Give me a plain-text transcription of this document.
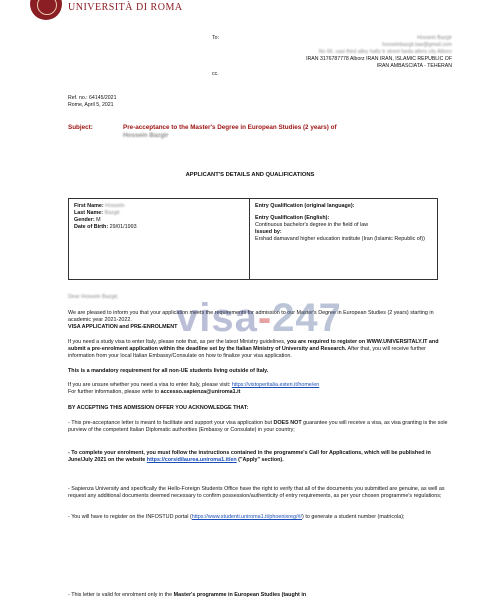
UNIVERSITÀ DI ROMA
To:
cc.
Hossein Bazgir
hosseinbazgir.law@gmail.com
No 66. vasi third alley hafiz tr street farda allers city Alborz
IRAN 3176787778 Alborz IRAN IRAN, ISLAMIC REPUBLIC OF
IRAN AMBASCIATA - TEHERAN
Ref. no.: 64145/2021
Rome, April 5, 2021
Subject:	Pre-acceptance to the Master's Degree in European Studies (2 years) of
Hossein Bazgir
APPLICANT'S DETAILS AND QUALIFICATIONS
First Name: Hossein
Last Name: Bazgir
Gender: M
Date of Birth: 29/01/1993
Entry Qualification (original language):
Entry Qualification (English):
Continuous bachelor's degree in the field of law
Issued by:
Ershad damavand higher education institute (Iran (Islamic Republic of))
Dear Hossein Bazgir,
We are pleased to inform you that your application meets the requirements for admission to our Master's Degree in European Studies (2 years) starting in academic year 2021-2022.
VISA APPLICATION and PRE-ENROLMENT
If you need a study visa to enter Italy, please note that, as per the latest Ministry guidelines, you are required to register on WWW.UNIVERSITALY.IT and submit a pre-enrolment application within the deadline set by the Italian Ministry of University and Research. After that, you will receive further information from your local Italian Embassy/Consulate on how to finalize your visa application.
This is a mandatory requirement for all non-UE students living outside of Italy.
If you are unsure whether you need a visa to enter Italy, please visit: https://vistoperitalia.esteri.it/home/en
For further information, please write to accesso.sapienza@uniroma1.it
BY ACCEPTING THIS ADMISSION OFFER YOU ACKNOWLEDGE THAT:
- This pre-acceptance letter is meant to facilitate and support your visa application but DOES NOT guarantee you will receive a visa, as visa granting is the sole purview of the competent Italian Diplomatic authorities (Embassy or Consulate) in your country;
- To complete your enrolment, you must follow the instructions contained in the programme's Call for Applications, which will be published in June/July 2021 on the website https://corsidilaurea.uniroma1.it/en ("Apply" section).
- Sapienza University and specifically the Hello-Foreign Students Office have the right to verify that all of the documents you submitted are genuine, as well as request any additional documents deemed necessary to confirm possession/authenticity of entry requirements, as per your chosen programme's regulations;
- You will have to register on the INFOSTUD portal (https://www.studenti.uniroma1.it/phoenixreg/#/) to generate a student number (matricola);
- This letter is valid for enrolment only in the Master's programme in European Studies (taught in
visa-247
